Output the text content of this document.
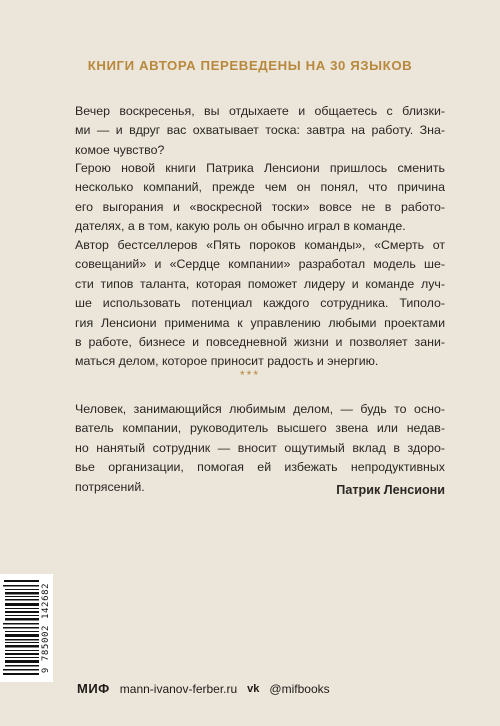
КНИГИ АВТОРА ПЕРЕВЕДЕНЫ НА 30 ЯЗЫКОВ
Вечер воскресенья, вы отдыхаете и общаетесь с близки-
ми — и вдруг вас охватывает тоска: завтра на работу. Зна-
комое чувство?
Герою новой книги Патрика Ленсиони пришлось сменить
несколько компаний, прежде чем он понял, что причина
его выгорания и «воскресной тоски» вовсе не в работо-
дателях, а в том, какую роль он обычно играл в команде.
Автор бестселлеров «Пять пороков команды», «Смерть от
совещаний» и «Сердце компании» разработал модель ше-
сти типов таланта, которая поможет лидеру и команде луч-
ше использовать потенциал каждого сотрудника. Типоло-
гия Ленсиони применима к управлению любыми проектами
в работе, бизнесе и повседневной жизни и позволяет зани-
маться делом, которое приносит радость и энергию.
***
Человек, занимающийся любимым делом, — будь то осно-
ватель компании, руководитель высшего звена или недав-
но нанятый сотрудник — вносит ощутимый вклад в здоро-
вье организации, помогая ей избежать непродуктивных
потрясений.	Патрик Ленсиони
9 785002 142682
МИФ mann-ivanov-ferber.ru vk @mifbooks
